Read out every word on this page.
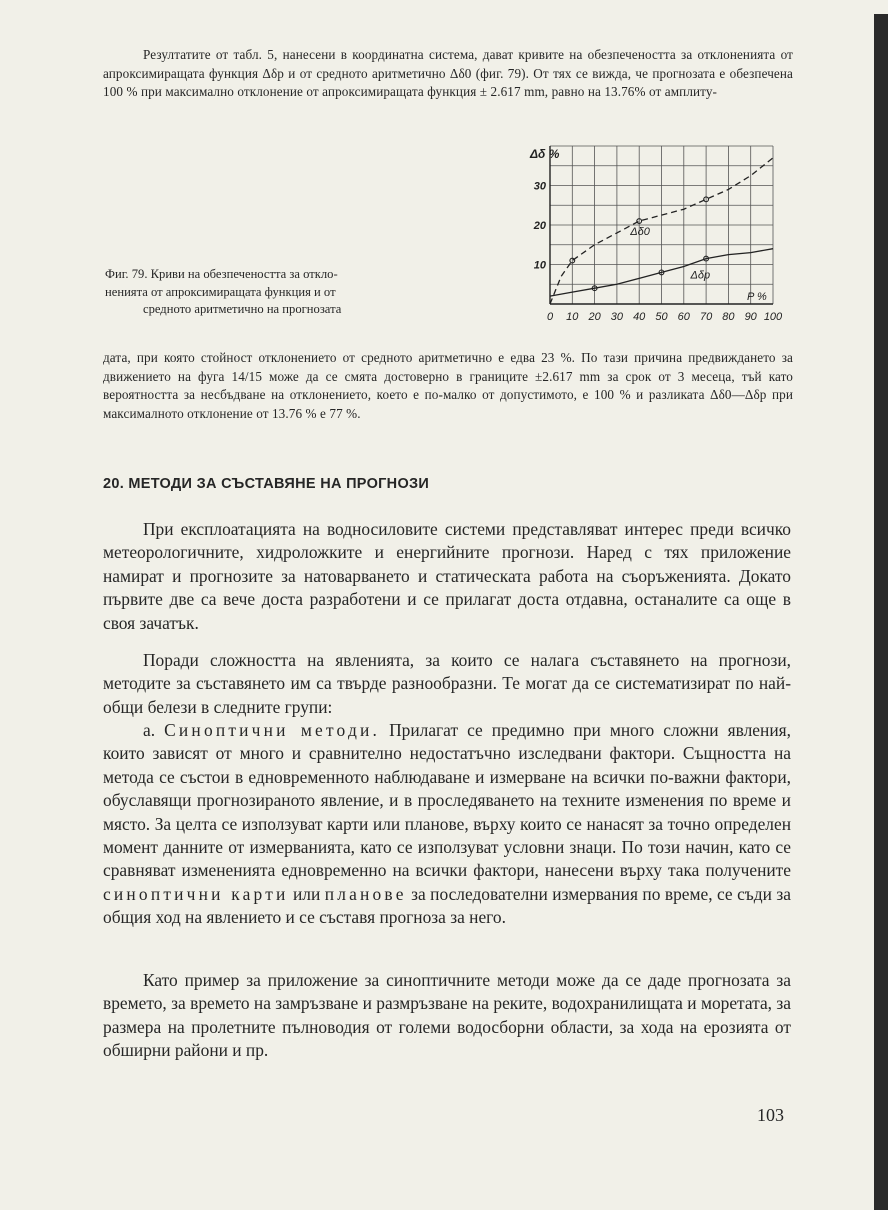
Резултатите от табл. 5, нанесени в координатна система, дават кривите на обезпечеността за отклоненията от апроксимиращата функция Δδp и от средното аритметично Δδ0 (фиг. 79). От тях се вижда, че прогнозата е обезпечена 100 % при максимално отклонение от апроксимиращата функция ± 2.617 mm, равно на 13.76% от амплиту-
Фиг. 79. Криви на обезпечеността за откло-
ненията от апроксимиращата функция и от
средното аритметично на прогнозата
0 10 20 30 40 50 60 70 80 90 100
10
20
30
Δδ %
P %
Δδ0
Δδp
дата, при която стойност отклонението от средното аритметично е едва 23 %. По тази причина предвиждането за движението на фуга 14/15 може да се смята достоверно в границите ±2.617 mm за срок от 3 месеца, тъй като вероятността за несбъдване на отклонението, което е по-малко от допустимото, е 100 % и разликата Δδ0—Δδp при максималното отклонение от 13.76 % е 77 %.
20. МЕТОДИ ЗА СЪСТАВЯНЕ НА ПРОГНОЗИ
При експлоатацията на водносиловите системи представляват интерес преди всичко метеорологичните, хидроложките и енергийните прогнози. Наред с тях приложение намират и прогнозите за натоварването и статическата работа на съоръженията. Докато първите две са вече доста разработени и се прилагат доста отдавна, останалите са още в своя зачатък.
Поради сложността на явленията, за които се налага съставянето на прогнози, методите за съставянето им са твърде разнообразни. Те могат да се систематизират по най-общи белези в следните групи:
а. Синоптични методи. Прилагат се предимно при много сложни явления, които зависят от много и сравнително недостатъчно изследвани фактори. Същността на метода се състои в едновременното наблюдаване и измерване на всички по-важни фактори, обуславящи прогнозираното явление, и в проследяването на техните изменения по време и място. За целта се използуват карти или планове, върху които се нанасят за точно определен момент данните от измерванията, като се използуват условни знаци. По този начин, като се сравняват измененията едновременно на всички фактори, нанесени върху така получените синоптични карти или планове за последователни измервания по време, се съди за общия ход на явлението и се съставя прогноза за него.
Като пример за приложение за синоптичните методи може да се даде прогнозата за времето, за времето на замръзване и размръзване на реките, водохранилищата и моретата, за размера на пролетните пълноводия от големи водосборни области, за хода на ерозията от обширни райони и пр.
103
